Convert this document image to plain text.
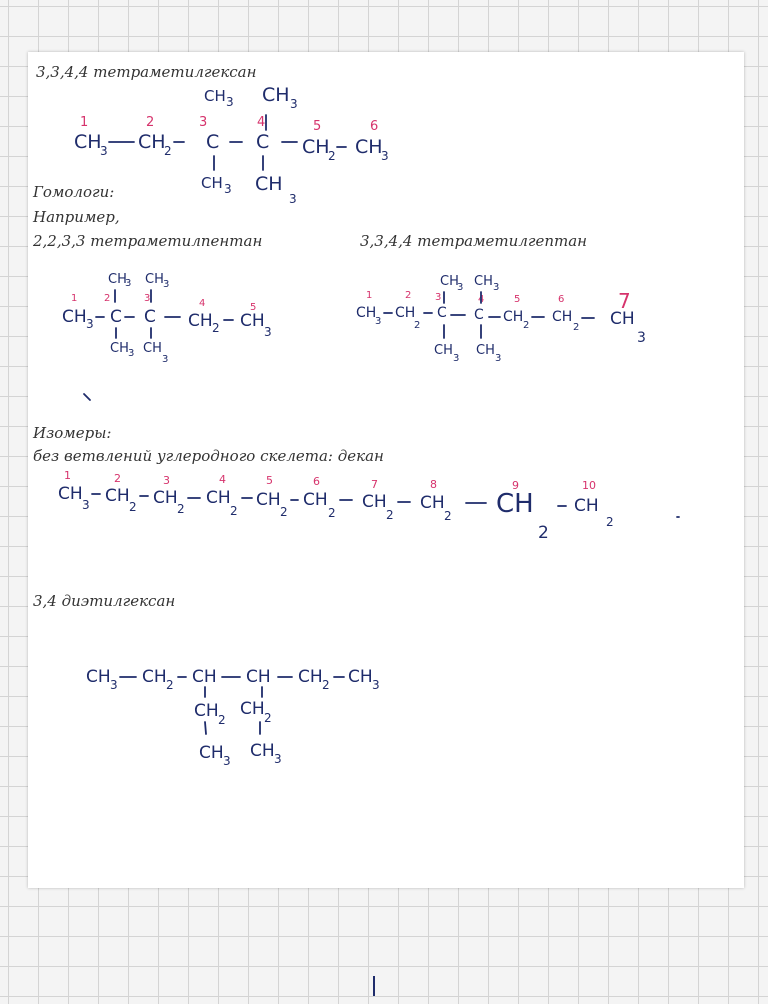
3,3,4,4 тетраметилгексан
Гомологи:
Например,
2,2,3,3 тетраметилпентан	3,3,4,4 тетраметилгептан
Изомеры:
без ветвлений углеродного скелета: декан
3,4 диэтилгексан
1	2	3	4	5	6
CH
3 CH
2 C C CH
2 CH
3
CH 3 CH 3
CH 3 CH
3
1	2	3	4	5
CH 3 C C CH 2 CH
3
CH
3 CH 3
CH 3 CH
3
1	2 3	4	5	6	7
CH
3
CH
2
C C CH
2
CH
2 CH
3
CH
3 CH 3
CH
3
CH
3
1	2	3	4	5	6	7	8	9	10
CH
3 CH
2 CH
2
CH
2
CH
2
CH
2
CH
2
CH
2 CH
2
CH
2
CH 3 CH 2 CH CH CH 2 CH 3
CH 2
CH 2
CH 3 CH 3
